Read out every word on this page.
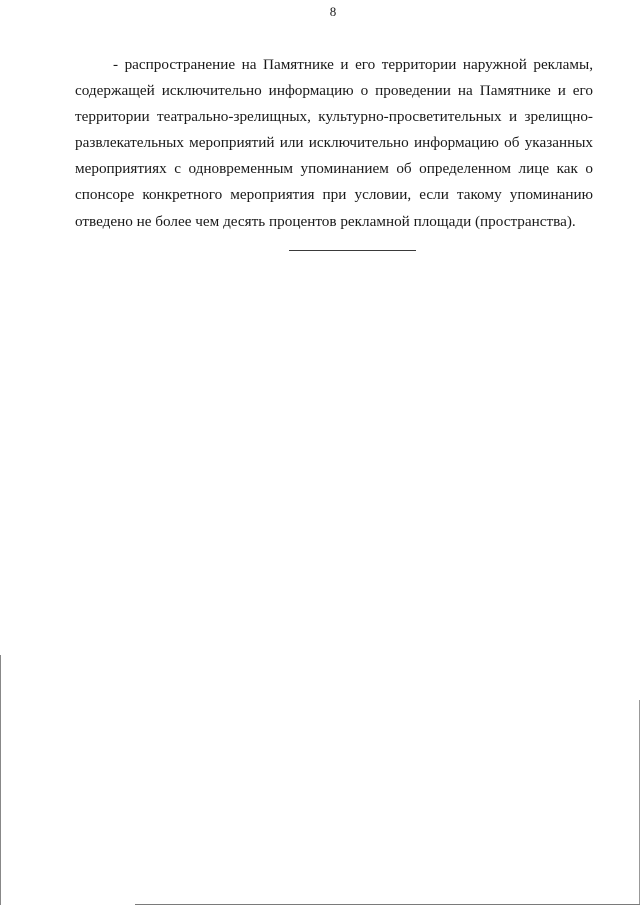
8
- распространение на Памятнике и его территории наружной рекламы,
содержащей исключительно информацию о проведении на Памятнике и его
территории театрально-зрелищных, культурно-просветительных и зрелищно-
развлекательных мероприятий или исключительно информацию об указанных
мероприятиях с одновременным упоминанием об определенном лице как о
спонсоре конкретного мероприятия при условии, если такому упоминанию
отведено не более чем десять процентов рекламной площади (пространства).
